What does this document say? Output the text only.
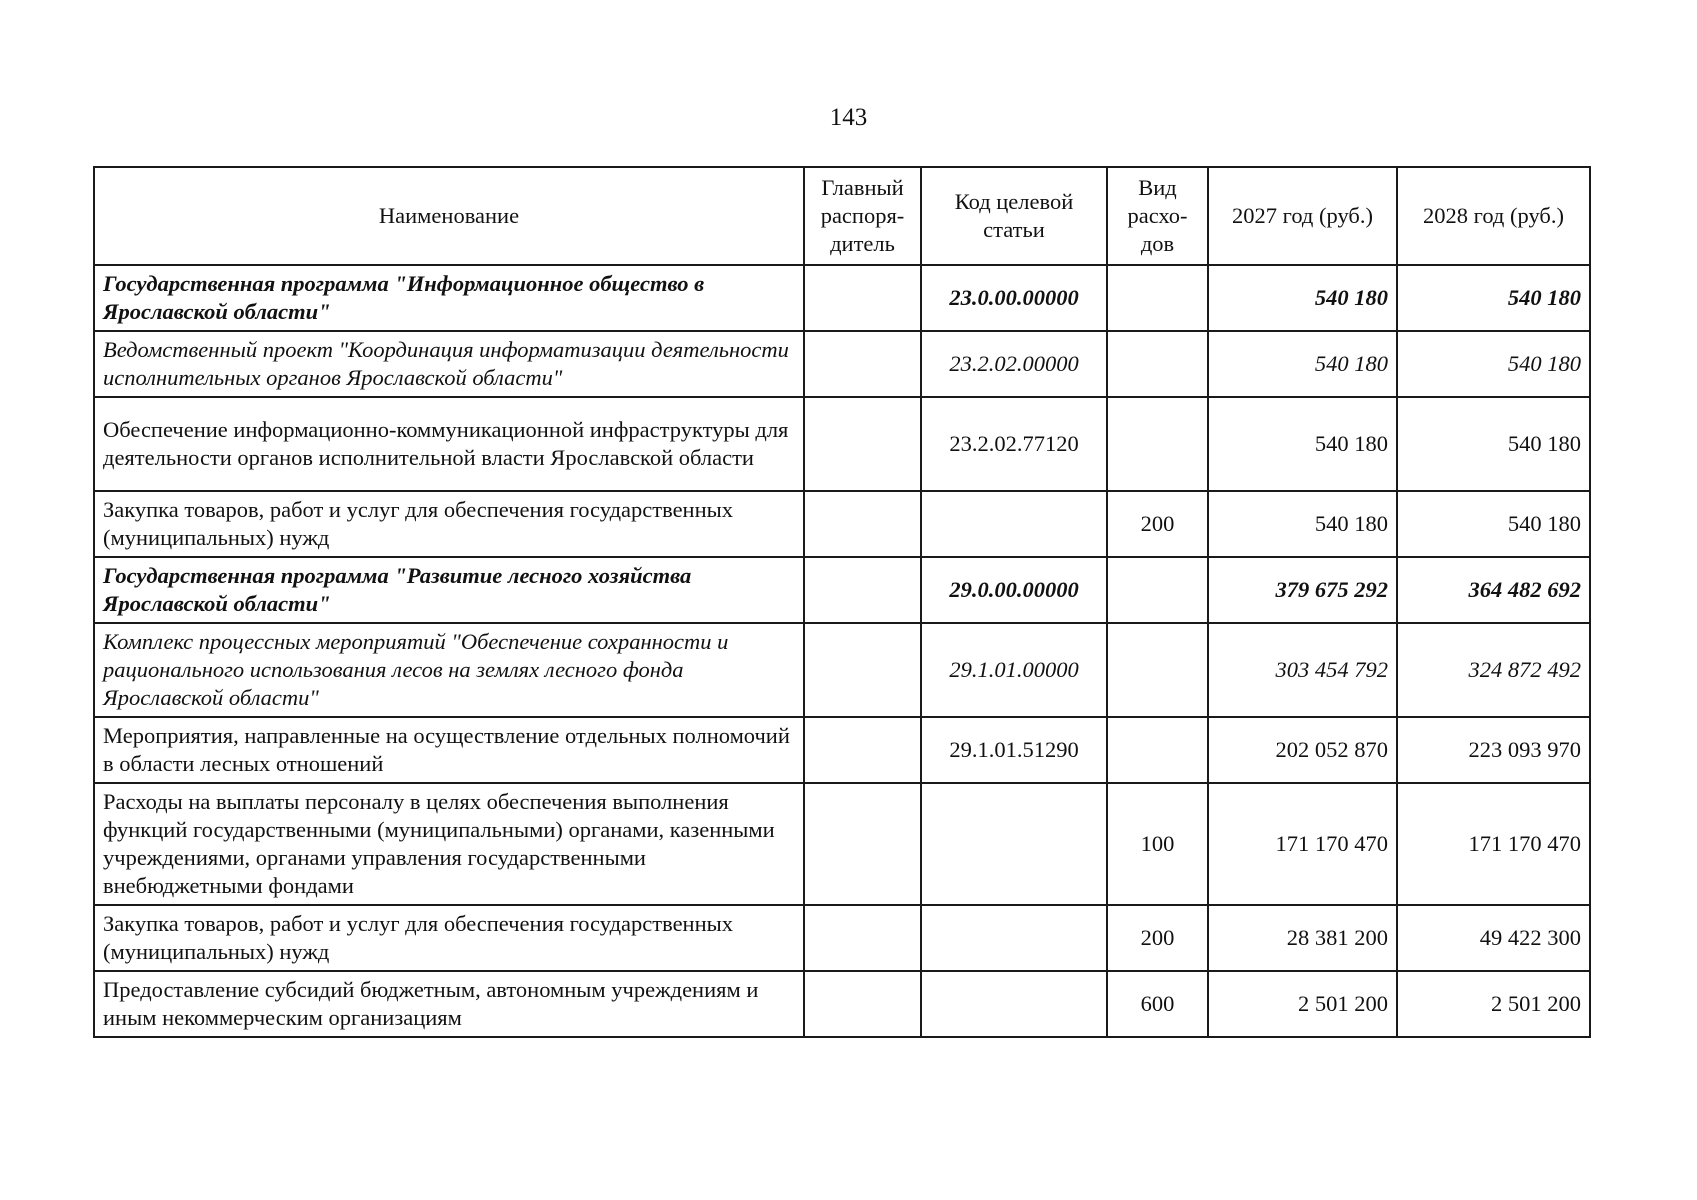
143
Наименование	Главный распоря-дитель	Код целевой статьи	Вид расхо-дов	2027 год (руб.)	2028 год (руб.)
Государственная программа "Информационное общество в Ярославской области"		23.0.00.00000		540 180	540 180
Ведомственный проект "Координация информатизации деятельности исполнительных органов Ярославской области"		23.2.02.00000		540 180	540 180
Обеспечение информационно-коммуникационной инфраструктуры для деятельности органов исполнительной власти Ярославской области		23.2.02.77120		540 180	540 180
Закупка товаров, работ и услуг для обеспечения государственных (муниципальных) нужд			200	540 180	540 180
Государственная программа "Развитие лесного хозяйства Ярославской области"		29.0.00.00000		379 675 292	364 482 692
Комплекс процессных мероприятий "Обеспечение сохранности и рационального использования лесов на землях лесного фонда Ярославской области"		29.1.01.00000		303 454 792	324 872 492
Мероприятия, направленные на осуществление отдельных полномочий в области лесных отношений		29.1.01.51290		202 052 870	223 093 970
Расходы на выплаты персоналу в целях обеспечения выполнения функций государственными (муниципальными) органами, казенными учреждениями, органами управления государственными внебюджетными фондами			100	171 170 470	171 170 470
Закупка товаров, работ и услуг для обеспечения государственных (муниципальных) нужд			200	28 381 200	49 422 300
Предоставление субсидий бюджетным, автономным учреждениям и иным некоммерческим организациям			600	2 501 200	2 501 200
